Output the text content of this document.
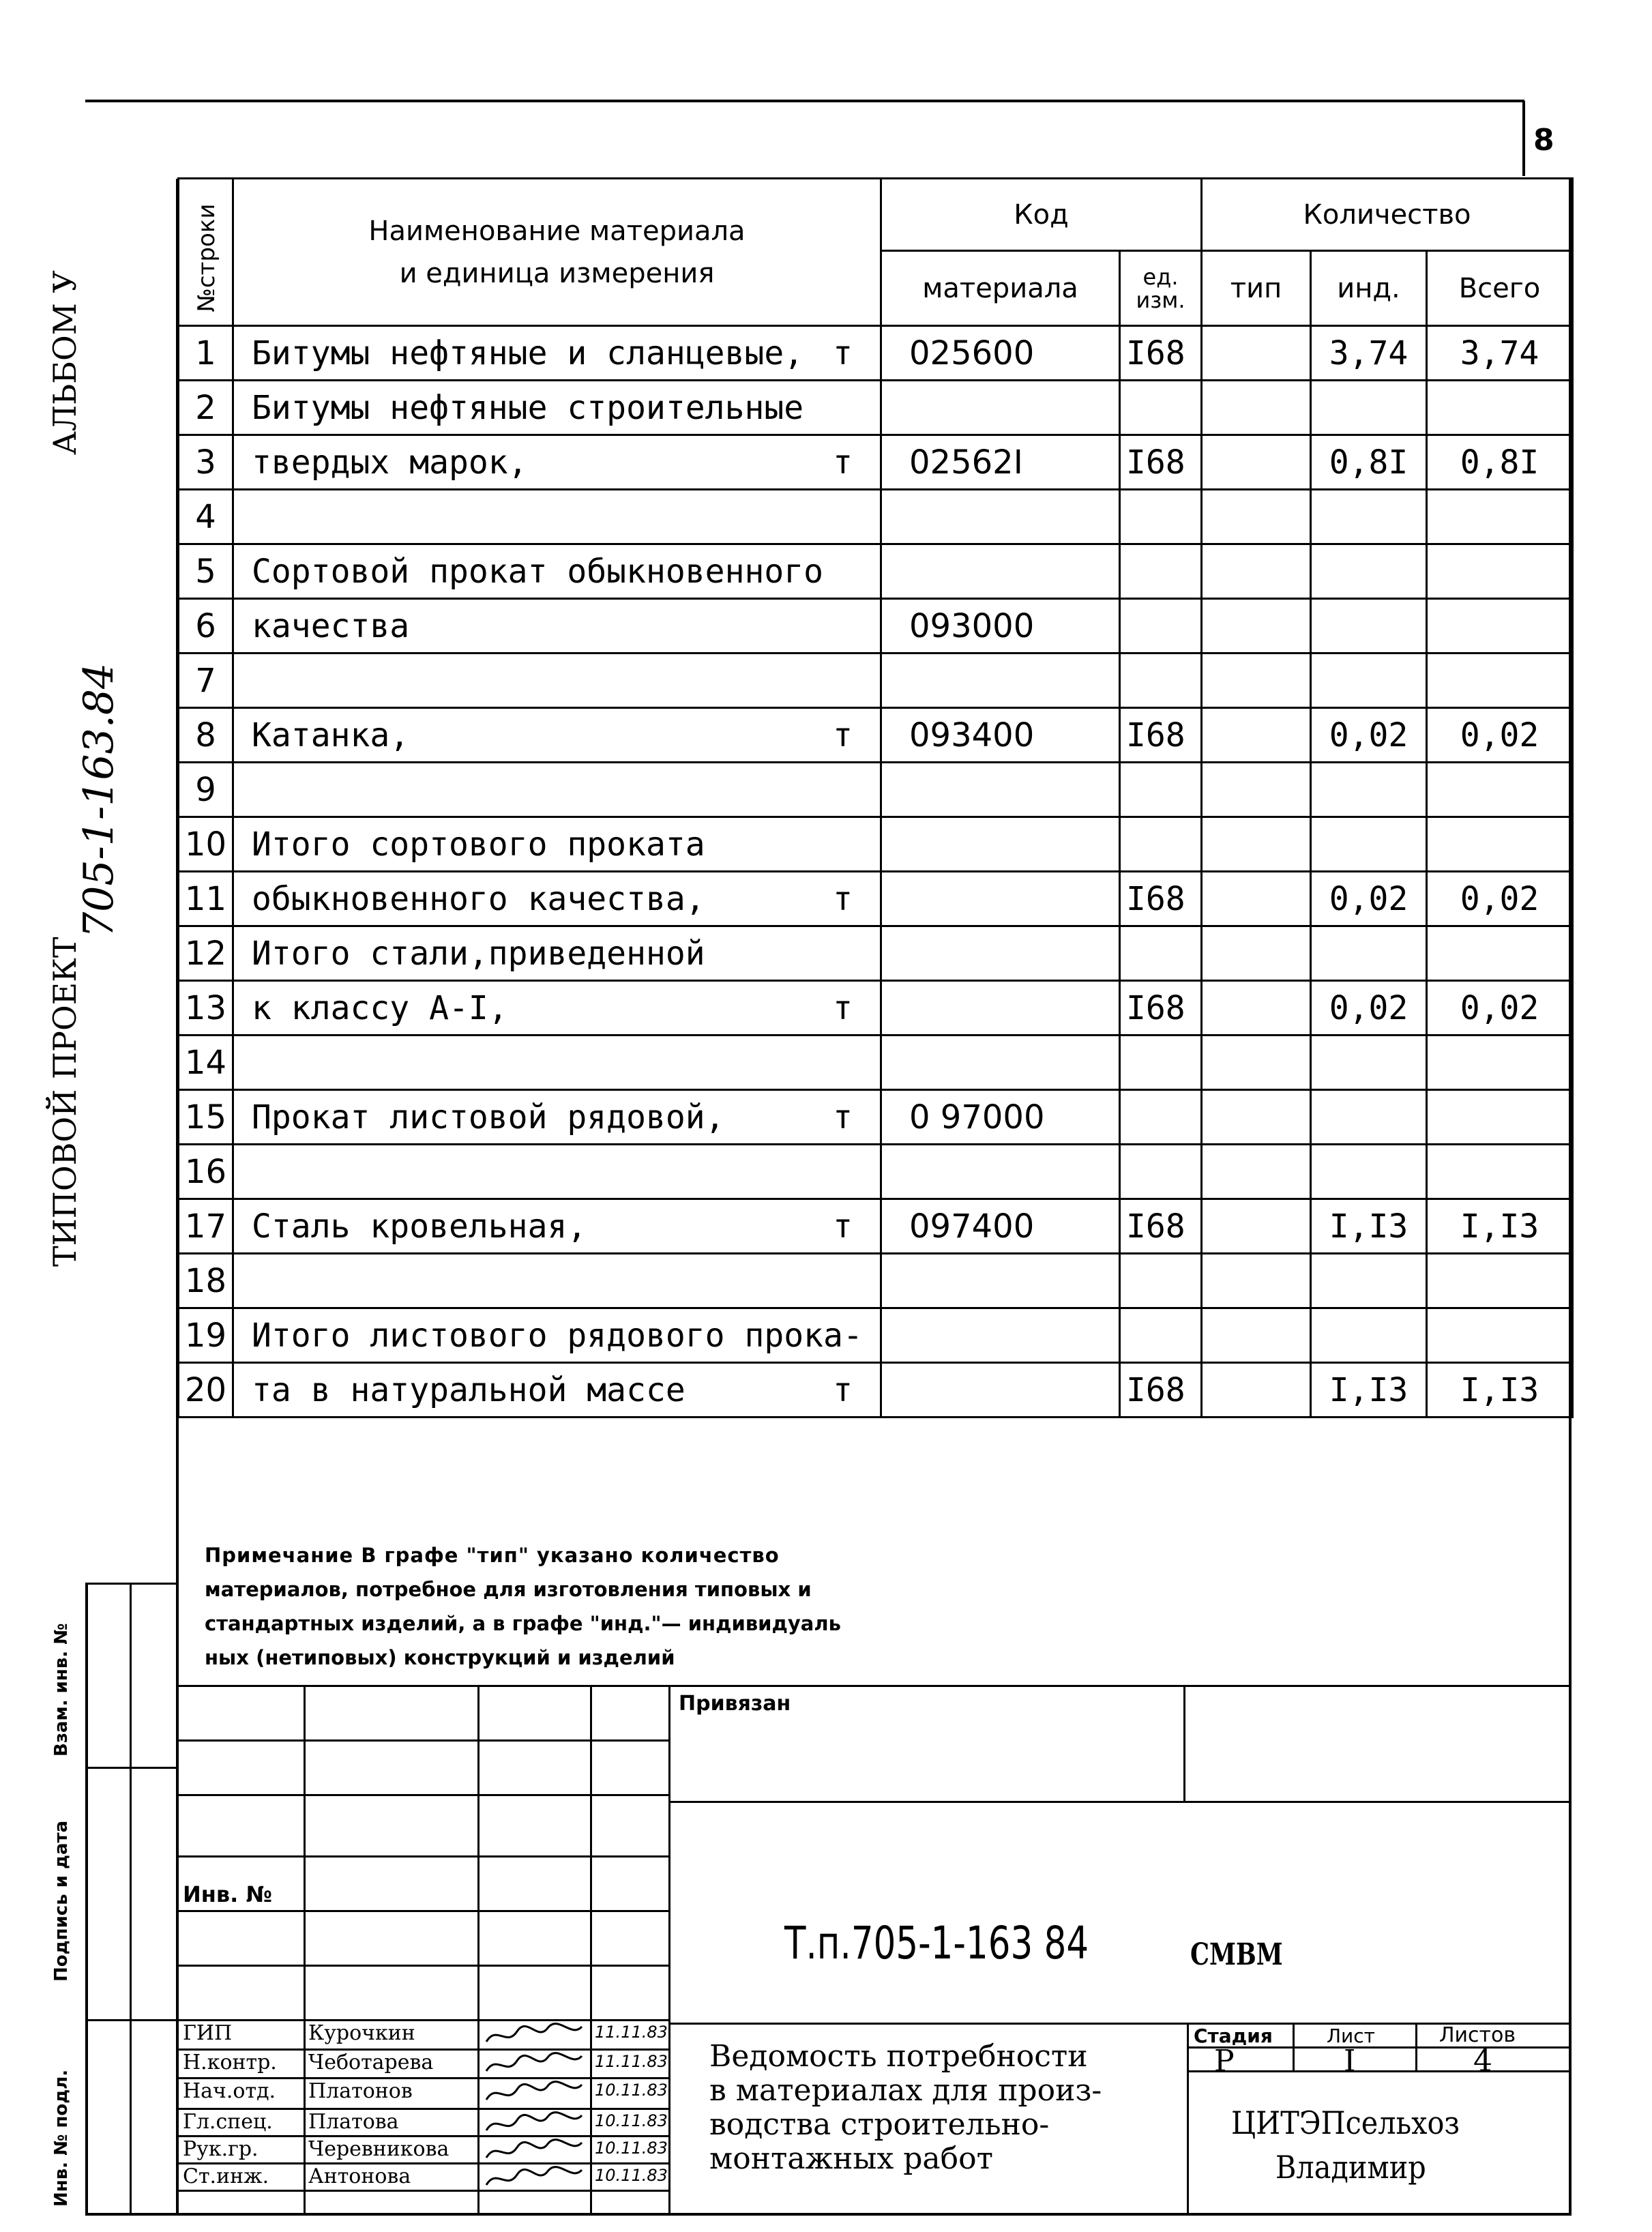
8
АЛЬБОМ У
705-1-163.84
ТИПОВОЙ ПРОЕКТ
№строки	Наименование материала
и единица измерения	Код		Количество		
		материала	ед. изм.	тип	инд.	Всего
1	Битумы нефтяные и сланцевые, т	025600	I68		3,74	3,74
2	Битумы нефтяные строительные

3	твердых марок, т	02562I	I68		0,8I	0,8I
4	

5	Сортовой прокат обыкновенного

6	качества	093000				
7	

8	Катанка, т	093400	I68		0,02	0,02
9	

10	Итого сортового проката

11	обыкновенного качества, т		I68		0,02	0,02
12	Итого стали,приведенной

13	к классу А-I, т		I68		0,02	0,02
14	

15	Прокат листовой рядовой, т	0 97000				
16	

17	Сталь кровельная, т	097400	I68		I,I3	I,I3
18	

19	Итого листового рядового прока-

20	та в натуральной массе т		I68		I,I3	I,I3
Примечание В графе "тип" указано количество
материалов, потребное для изготовления типовых и
стандартных изделий, а в графе "инд."— индивидуаль
ных (нетиповых) конструкций и изделий
Взам. инв. №
Подпись и дата
Инв. № подл.
Привязан
Инв. №
Т.п.705-1-163 84	СМВМ
Стадия	Лист	Листов
Р	I	4
Ведомость потребности
в материалах для произ-
водства строительно-
монтажных работ
ЦИТЭПсельхоз
Владимир
ГИП	Курочкин	11.11.83
Н.контр. Чеботарева	11.11.83
Нач.отд. Платонов	10.11.83
Гл.спец. Платова	10.11.83
Рук.гр. Черевникова	10.11.83
Ст.инж. Антонова	10.11.83
